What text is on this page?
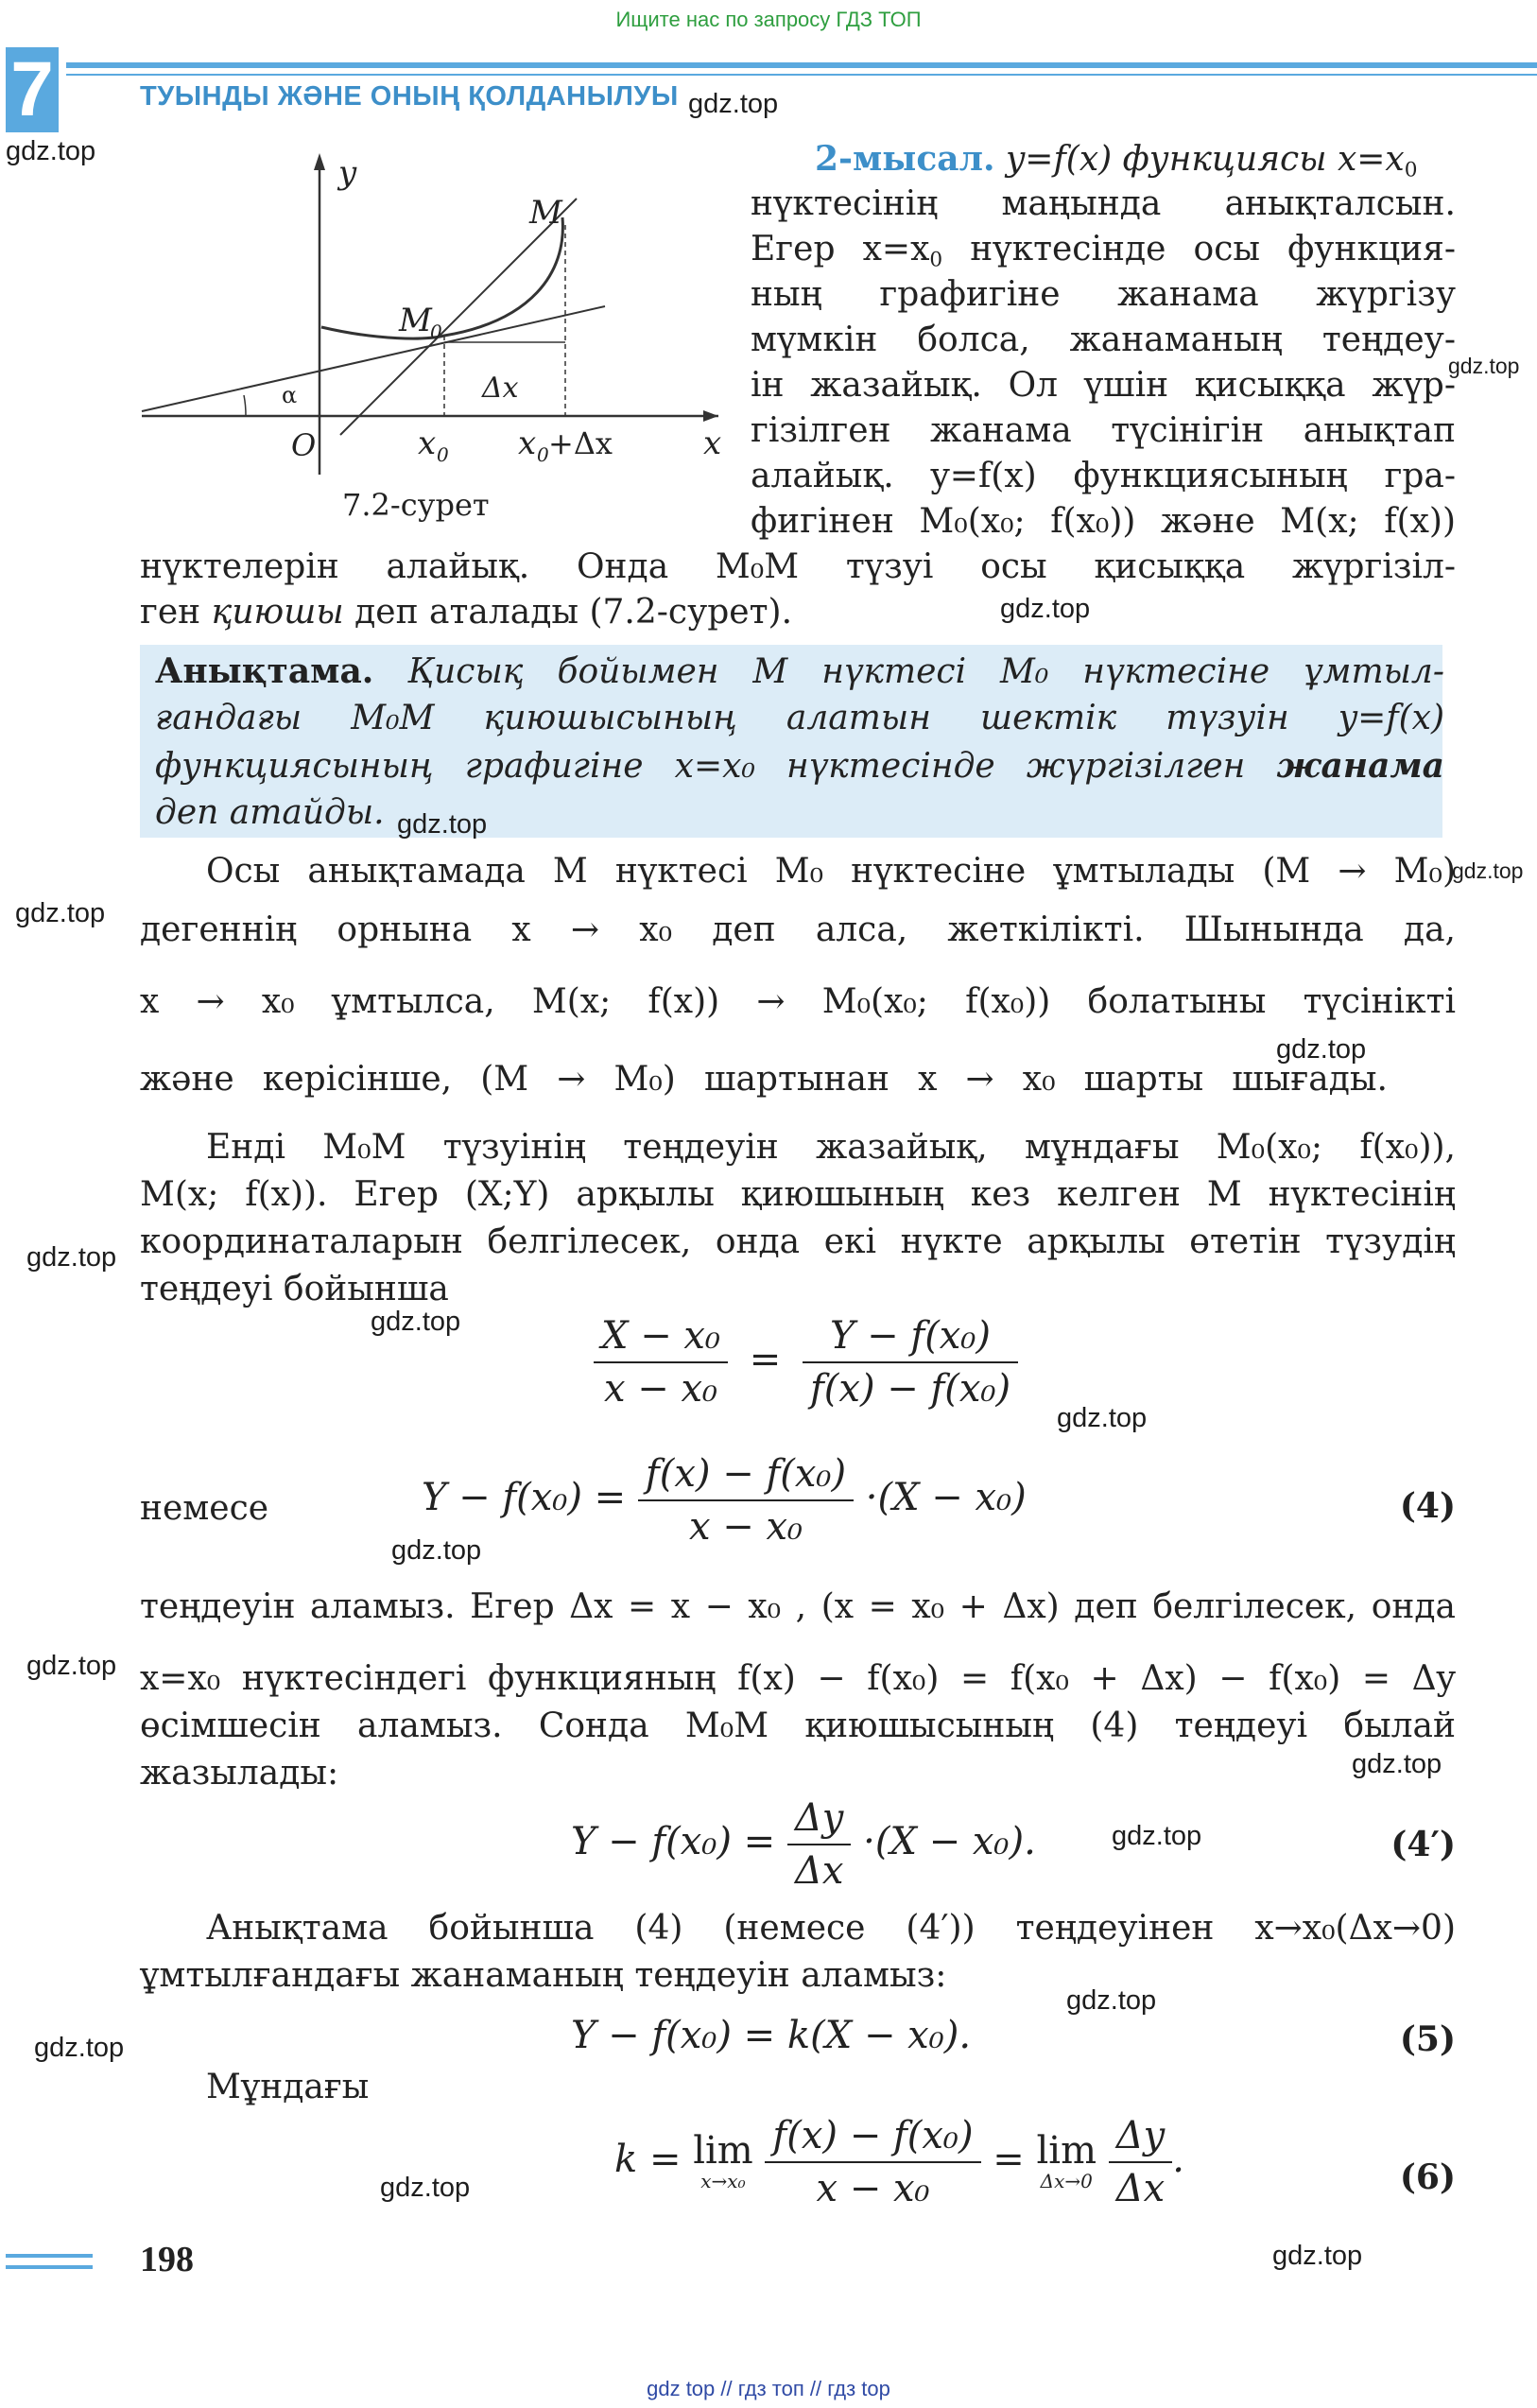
Ищите нас по запросу ГДЗ ТОП
7	ТУЫНДЫ ЖӘНЕ ОНЫҢ ҚОЛДАНЫЛУЫ
y
x
M
M
0
Δx
x 0 x 0 +Δx
α
O
7.2-сурет
2-мысал. y=f(x) функциясы $x=x_0$
нүктесінің маңында анықталсын.
Егер $x=x_0$ нүктесінде осы функция-
ның графигіне жанама жүргізу
мүмкін болса, жанаманың теңдеу-
ін жазайық. Ол үшін қисыққа жүр-
гізілген жанама түсінігін анықтап
алайық. y=f(x) функциясының гра-
фигінен M₀(x₀; f(x₀)) және M(x; f(x))
нүктелерін алайық. Онда M₀M түзуі осы қисыққа жүргізіл-
ген қиюшы деп аталады (7.2-сурет).
Анықтама. Қисық бойымен M нүктесі M₀ нүктесіне ұмтыл-
ғандағы M₀M қиюшысының алатын шектік түзуін y=f(x)
функциясының графигіне x=x₀ нүктесінде жүргізілген жанама
деп атайды.
Осы анықтамада M нүктесі M₀ нүктесіне ұмтылады (M → M₀)
дегеннің орнына x → x₀ деп алса, жеткілікті. Шынында да,
x → x₀ ұмтылса, M(x; f(x)) → M₀(x₀; f(x₀)) болатыны түсінікті
және керісінше, (M → M₀) шартынан x → x₀ шарты шығады.
Енді M₀M түзуінің теңдеуін жазайық, мұндағы M₀(x₀; f(x₀)),
M(x; f(x)). Егер (X;Y) арқылы қиюшының кез келген M нүктесінің
координаталарын белгілесек, онда екі нүкте арқылы өтетін түзудің
теңдеуі бойынша
$\frac{\text{X − x₀}}{\text{x − x₀}} = \frac{\text{Y − f(x₀)}}{\text{f(x) − f(x₀)}}$
немесе	$Y - f(x_0) = \frac{\text{f(x) − f(x₀)}}{\text{x − x₀}} \cdot(X - x_0)$	(4)
теңдеуін аламыз. Егер Δx = x − x₀ , (x = x₀ + Δx) деп белгілесек, онда
x=x₀ нүктесіндегі функцияның f(x) − f(x₀) = f(x₀ + Δx) − f(x₀) = Δy
өсімшесін аламыз. Сонда M₀M қиюшысының (4) теңдеуі былай
жазылады:
$Y - f(x_0) = \frac{\Delta y}{\Delta x} \cdot(X - x_0)$.	(4′)
Анықтама бойынша (4) (немесе (4′)) теңдеуінен x→x₀(Δx→0)
ұмтылғандағы жанаманың теңдеуін аламыз:
Y − f(x₀) = k(X − x₀).	(5)
Мұндағы
k = lim
x→x₀
$\frac{\text{f(x) − f(x₀)}}{\text{x − x₀}} = \lim$
Δx→0
$\frac{\Delta y}{\Delta x}$ .	(6)
198
gdz.top
gdz.top
gdz.top
gdz.top
gdz.top
gdz.top
gdz.top
gdz.top
gdz.top
gdz.top
gdz.top
gdz.top
gdz.top
gdz.top
gdz.top
gdz.top
gdz.top
gdz.top
gdz.top
gdz top // гдз топ // гдз top
